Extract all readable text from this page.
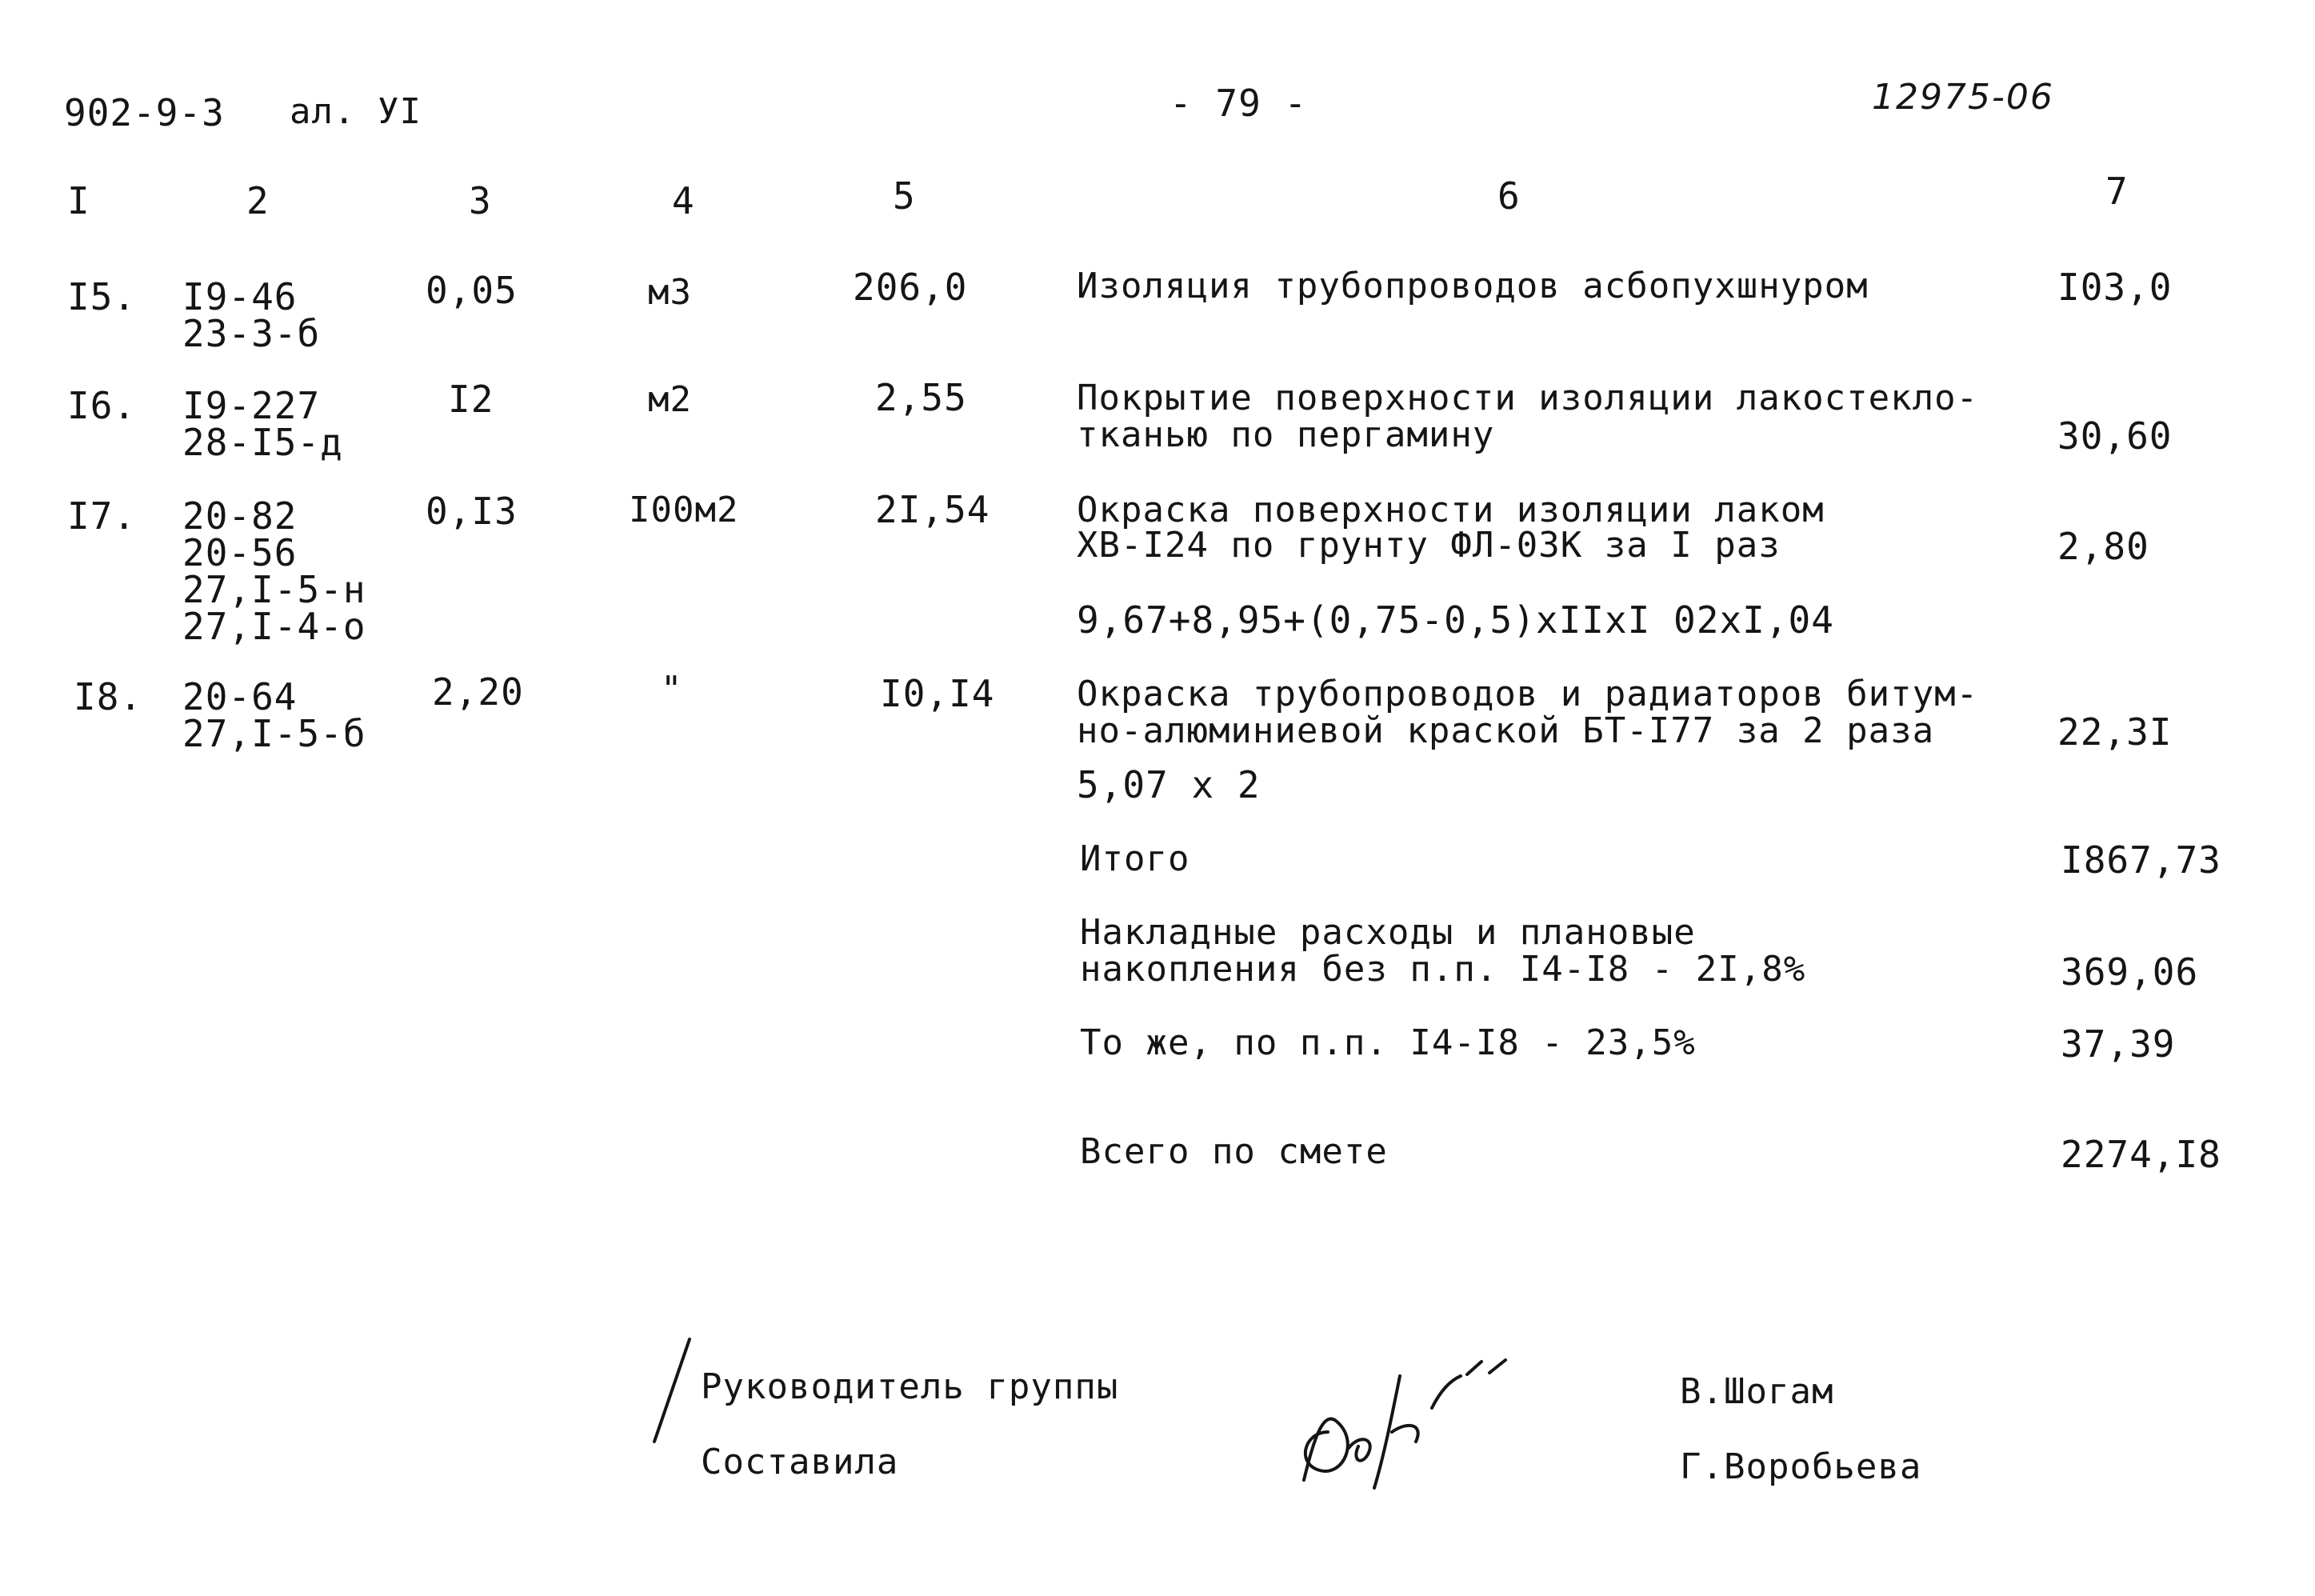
902-9-3 ал. УI	- 79 -	12975-06
I	2	3	4	5	6	7
I5. I9-46
23-3-б
0,05	м3	206,0	Изоляция трубопроводов асбопухшнуром	I03,0
I6. I9-227
28-I5-д
I2	м2	2,55	Покрытие поверхности изоляции лакостекло-
тканью по пергамину	30,60
I7. 20-82
20-56
27,I-5-н
27,I-4-о
0,I3	I00м2	2I,54 Окраска поверхности изоляции лаком
ХВ-I24 по грунту ФЛ-03К за I раз
9,67+8,95+(0,75-0,5)хIIхI 02хI,04
2,80
I8. 20-64
27,I-5-б
2,20	"	I0,I4 Окраска трубопроводов и радиаторов битум-
но-алюминиевой краской БТ-I77 за 2 раза
5,07 х 2
22,3I
Итого	I867,73
Накладные расходы и плановые
накопления без п.п. I4-I8 - 2I,8%	369,06
То же, по п.п. I4-I8 - 23,5%	37,39
Всего по смете	2274,I8
Руководитель группы
Составила
В.Шогам
Г.Воробьева
